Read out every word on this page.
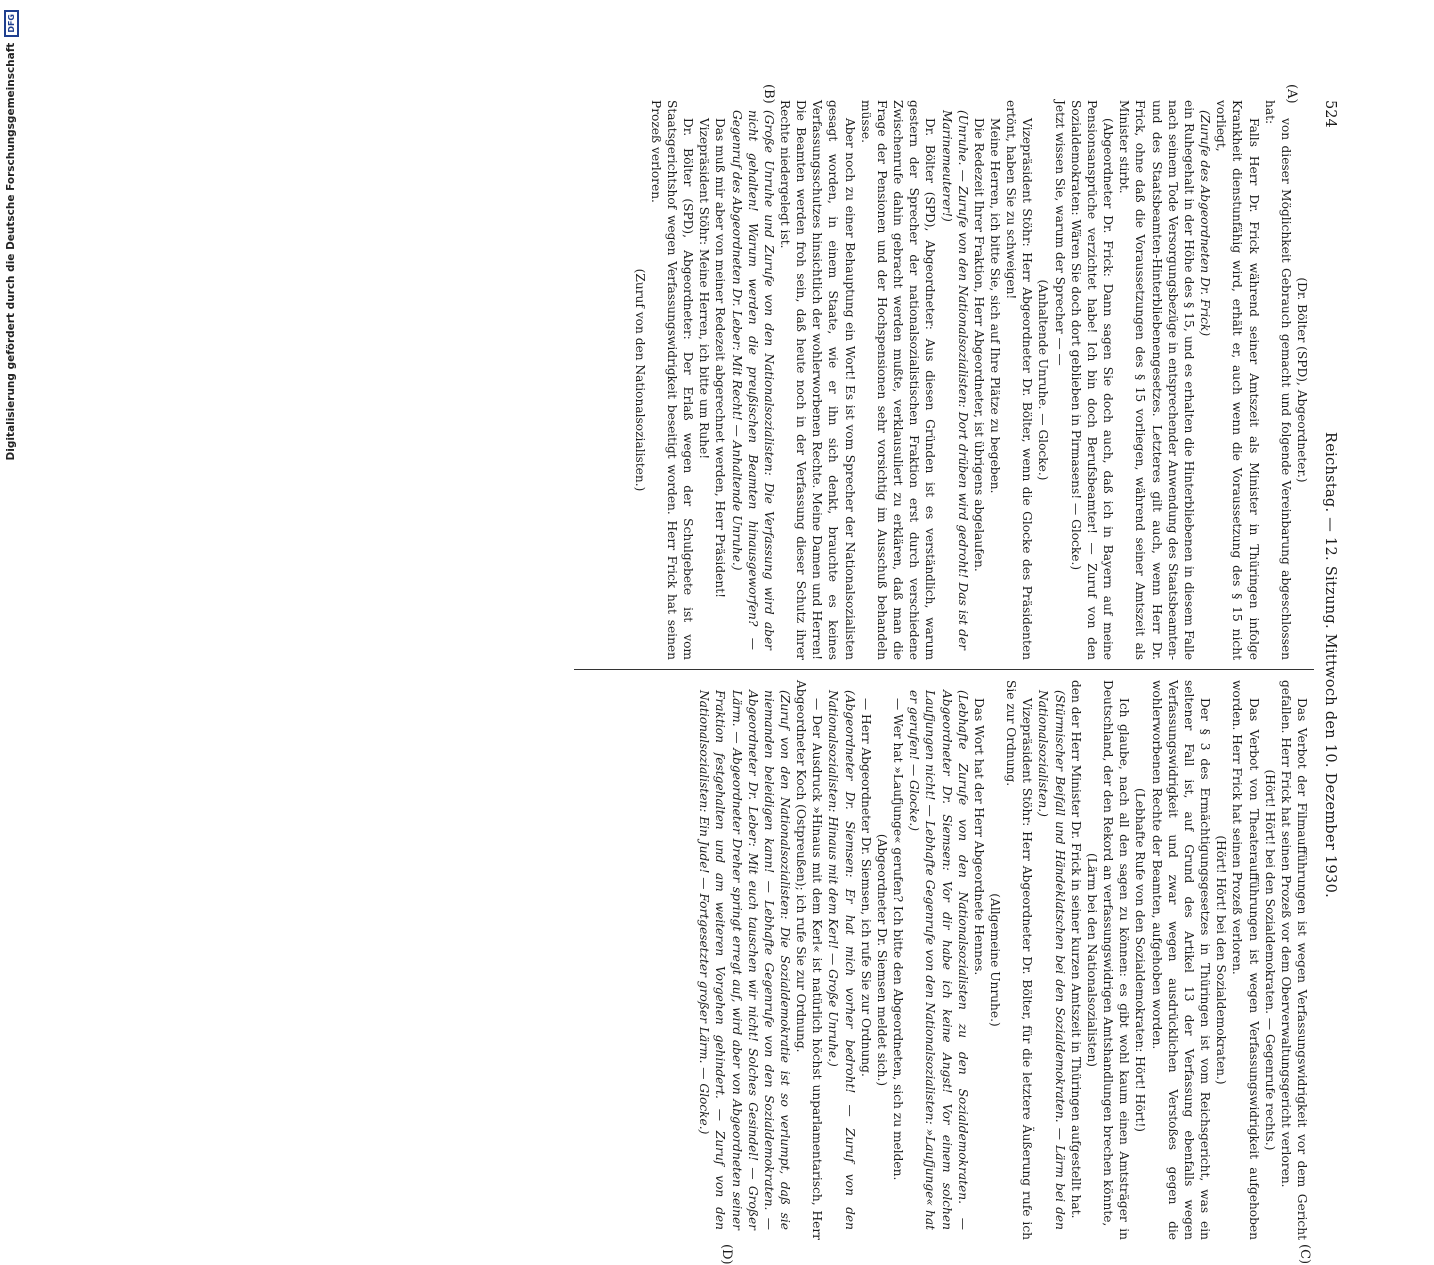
524
Reichstag. — 12. Sitzung. Mittwoch den 10. Dezember 1930.
(A)
(B)
(C)
(D)

(Dr. Bölter (SPD), Abgeordneter.)

von dieser Möglichkeit Gebrauch gemacht und folgende Vereinbarung abgeschlossen hat:

Falls Herr Dr. Frick während seiner Amtszeit als Minister in Thüringen infolge Krankheit dienstunfähig wird, erhält er, auch wenn die Voraussetzung des § 15 nicht vorliegt,

(Zurufe des Abgeordneten Dr. Frick)

ein Ruhegehalt in der Höhe des § 15, und es erhalten die Hinterbliebenen in diesem Falle nach seinem Tode Versorgungsbezüge in entsprechender Anwendung des Staatsbeamten- und des Staatsbeamten-Hinterbliebenengesetzes. Letzteres gilt auch, wenn Herr Dr. Frick, ohne daß die Voraussetzungen des § 15 vorliegen, während seiner Amtszeit als Minister stirbt.

(Abgeordneter Dr. Frick: Dann sagen Sie doch auch, daß ich in Bayern auf meine Pensionsansprüche verzichtet habe! Ich bin doch Berufsbeamter! — Zuruf von den Sozialdemokraten: Wären Sie doch dort geblieben in Pirmasens! — Glocke.)

Jetzt wissen Sie, warum der Sprecher — —

(Anhaltende Unruhe. — Glocke.)

Vizepräsident Stöhr: Herr Abgeordneter Dr. Bölter, wenn die Glocke des Präsidenten ertönt, haben Sie zu schweigen!

Meine Herren, ich bitte Sie, sich auf Ihre Plätze zu begeben.

Die Redezeit Ihrer Fraktion, Herr Abgeordneter, ist übrigens abgelaufen.

(Unruhe. — Zurufe von den Nationalsozialisten: Dort drüben wird gedroht! Das ist der Marinemeuterer!)

Dr. Bölter (SPD), Abgeordneter: Aus diesen Gründen ist es verständlich, warum gestern der Sprecher der nationalsozialistischen Fraktion erst durch verschiedene Zwischenrufe dahin gebracht werden mußte, verklausuliert zu erklären, daß man die Frage der Pensionen und der Hochspensionen sehr vorsichtig im Ausschuß behandeln müsse.

Aber noch zu einer Behauptung ein Wort! Es ist vom Sprecher der Nationalsozialisten gesagt worden, in einem Staate, wie er ihn sich denkt, brauchte es keines Verfassungsschutzes hinsichtlich der wohlerworbenen Rechte. Meine Damen und Herren! Die Beamten werden froh sein, daß heute noch in der Verfassung dieser Schutz ihrer Rechte niedergelegt ist.

(Große Unruhe und Zurufe von den Nationalsozialisten: Die Verfassung wird aber nicht gehalten! Warum werden die preußischen Beamten hinausgeworfen? — Gegenruf des Abgeordneten Dr. Leber: Mit Recht! — Anhaltende Unruhe.)

Das muß mir aber von meiner Redezeit abgerechnet werden, Herr Präsident!

Vizepräsident Stöhr: Meine Herren, ich bitte um Ruhe!

Dr. Bölter (SPD), Abgeordneter: Der Erlaß wegen der Schulgebete ist vom Staatsgerichtshof wegen Verfassungswidrigkeit beseitigt worden. Herr Frick hat seinen Prozeß verloren.

(Zuruf von den Nationalsozialisten.)

Das Verbot der Filmaufführungen ist wegen Verfassungswidrigkeit vor dem Gericht gefallen. Herr Frick hat seinen Prozeß vor dem Oberverwaltungsgericht verloren.

(Hört! Hört! bei den Sozialdemokraten. — Gegenrufe rechts.)

Das Verbot von Theateraufführungen ist wegen Verfassungswidrigkeit aufgehoben worden. Herr Frick hat seinen Prozeß verloren.

(Hört! Hört! bei den Sozialdemokraten.)

Der § 3 des Ermächtigungsgesetzes in Thüringen ist vom Reichsgericht, was ein seltener Fall ist, auf Grund des Artikel 13 der Verfassung ebenfalls wegen Verfassungswidrigkeit und zwar wegen ausdrücklichen Verstoßes gegen die wohlerworbenen Rechte der Beamten, aufgehoben worden.

(Lebhafte Rufe von den Sozialdemokraten: Hört! Hört!)

Ich glaube, nach all den sagen zu können: es gibt wohl kaum einen Amtsträger in Deutschland, der den Rekord an verfassungswidrigen Amtshandlungen brechen könnte,

(Lärm bei den Nationalsozialisten)

den der Herr Minister Dr. Frick in seiner kurzen Amtszeit in Thüringen aufgestellt hat.

(Stürmischer Beifall und Händeklatschen bei den Sozialdemokraten. — Lärm bei den Nationalsozialisten.)

Vizepräsident Stöhr: Herr Abgeordneter Dr. Bölter, für die letztere Äußerung rufe ich Sie zur Ordnung.

(Allgemeine Unruhe.)

Das Wort hat der Herr Abgeordnete Hennes.

(Lebhafte Zurufe von den Nationalsozialisten zu den Sozialdemokraten. — Abgeordneter Dr. Siemsen: Vor dir habe ich keine Angst! Vor einem solchen Laufjungen nicht! — Lebhafte Gegenrufe von den Nationalsozialisten: »Laufjunge« hat er gerufen! — Glocke.)

— Wer hat »Laufjunge« gerufen? Ich bitte den Abgeordneten, sich zu melden.

(Abgeordneter Dr. Siemsen meldet sich.)

— Herr Abgeordneter Dr. Siemsen, ich rufe Sie zur Ordnung.

(Abgeordneter Dr. Siemsen: Er hat mich vorher bedroht! — Zuruf von den Nationalsozialisten: Hinaus mit dem Kerl! — Große Unruhe.)

— Der Ausdruck »Hinaus mit dem Kerl« ist natürlich höchst unparlamentarisch, Herr Abgeordneter Koch (Ostpreußen); ich rufe Sie zur Ordnung.

(Zuruf von den Nationalsozialisten: Die Sozialdemokratie ist so verlumpt, daß sie niemanden beleidigen kann! — Lebhafte Gegenrufe von den Sozialdemokraten. — Abgeordneter Dr. Leber: Mit euch tauschen wir nicht! Solches Gesindel! — Großer Lärm. — Abgeordneter Dreher springt erregt auf, wird aber von Abgeordneten seiner Fraktion festgehalten und am weiteren Vorgehen gehindert. — Zuruf von den Nationalsozialisten: Ein Jude! — Fortgesetzter großer Lärm. — Glocke.)

Digitalisierung gefördert durch die Deutsche Forschungsgemeinschaft
DFG
